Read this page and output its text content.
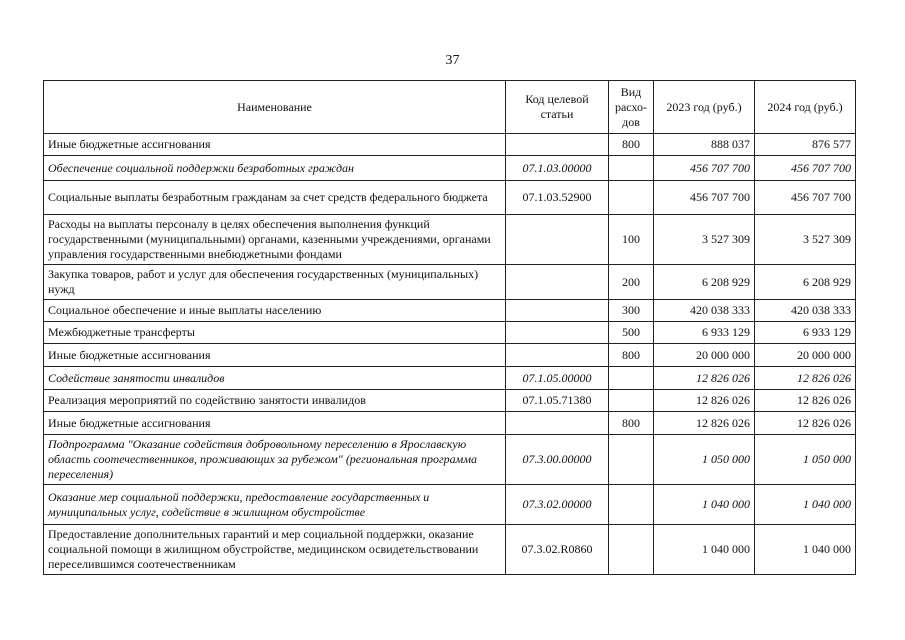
37
Наименование	Код целевой статьи	Вид расхо-дов	2023 год (руб.)	2024 год (руб.)
Иные бюджетные ассигнования		800	888 037	876 577
Обеспечение социальной поддержки безработных граждан	07.1.03.00000		456 707 700	456 707 700
Социальные выплаты безработным гражданам за счет средств федерального бюджета	07.1.03.52900		456 707 700	456 707 700
Расходы на выплаты персоналу в целях обеспечения выполнения функций государственными (муниципальными) органами, казенными учреждениями, органами управления государственными внебюджетными фондами		100	3 527 309	3 527 309
Закупка товаров, работ и услуг для обеспечения государственных (муниципальных) нужд		200	6 208 929	6 208 929
Социальное обеспечение и иные выплаты населению		300	420 038 333	420 038 333
Межбюджетные трансферты		500	6 933 129	6 933 129
Иные бюджетные ассигнования		800	20 000 000	20 000 000
Содействие занятости инвалидов	07.1.05.00000		12 826 026	12 826 026
Реализация мероприятий по содействию занятости инвалидов	07.1.05.71380		12 826 026	12 826 026
Иные бюджетные ассигнования		800	12 826 026	12 826 026
Подпрограмма "Оказание содействия добровольному переселению в Ярославскую область соотечественников, проживающих за рубежом" (региональная программа переселения)	07.3.00.00000		1 050 000	1 050 000
Оказание мер социальной поддержки, предоставление государственных и муниципальных услуг, содействие в жилищном обустройстве	07.3.02.00000		1 040 000	1 040 000
Предоставление дополнительных гарантий и мер социальной поддержки, оказание социальной помощи в жилищном обустройстве, медицинском освидетельствовании переселившимся соотечественникам	07.3.02.R0860		1 040 000	1 040 000
